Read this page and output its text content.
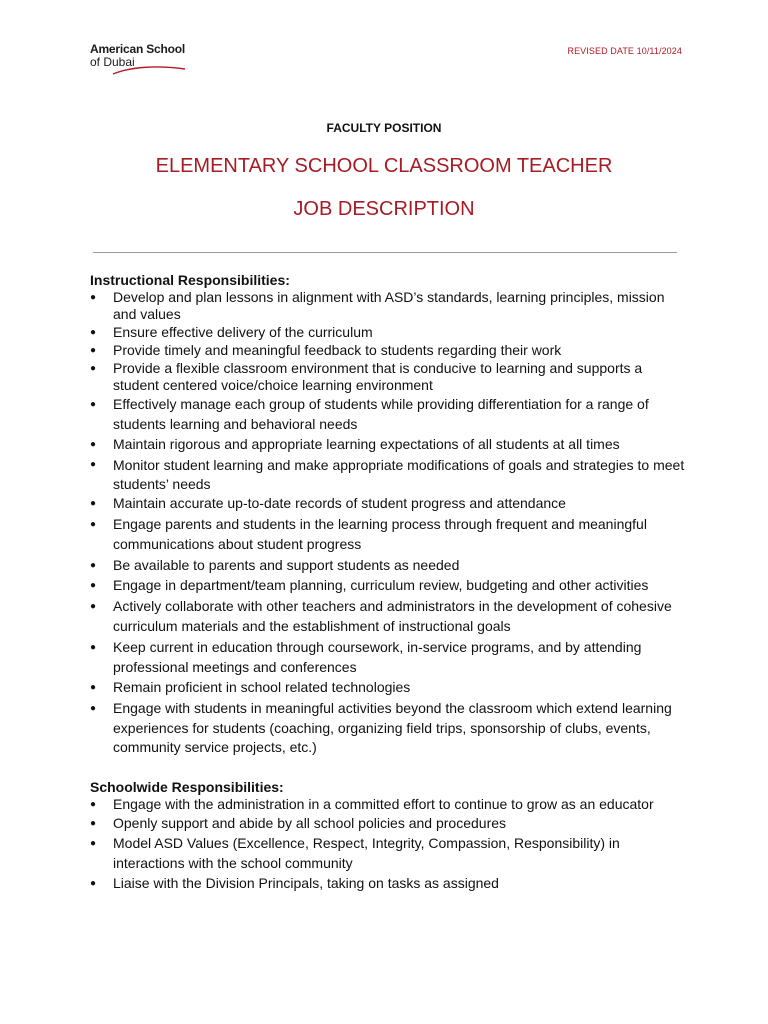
American School
of Dubai
REVISED DATE 10/11/2024
FACULTY POSITION
ELEMENTARY SCHOOL CLASSROOM TEACHER
JOB DESCRIPTION
Instructional Responsibilities:
● Develop and plan lessons in alignment with ASD’s standards, learning principles, mission and values
● Ensure effective delivery of the curriculum
● Provide timely and meaningful feedback to students regarding their work
● Provide a flexible classroom environment that is conducive to learning and supports a student centered voice/choice learning environment
● Effectively manage each group of students while providing differentiation for a range of students learning and behavioral needs
● Maintain rigorous and appropriate learning expectations of all students at all times
● Monitor student learning and make appropriate modifications of goals and strategies to meet students’ needs
● Maintain accurate up-to-date records of student progress and attendance
● Engage parents and students in the learning process through frequent and meaningful communications about student progress
● Be available to parents and support students as needed
● Engage in department/team planning, curriculum review, budgeting and other activities
● Actively collaborate with other teachers and administrators in the development of cohesive curriculum materials and the establishment of instructional goals
● Keep current in education through coursework, in-service programs, and by attending professional meetings and conferences
● Remain proficient in school related technologies
● Engage with students in meaningful activities beyond the classroom which extend learning experiences for students (coaching, organizing field trips, sponsorship of clubs, events, community service projects, etc.)
Schoolwide Responsibilities:
● Engage with the administration in a committed effort to continue to grow as an educator
● Openly support and abide by all school policies and procedures
● Model ASD Values (Excellence, Respect, Integrity, Compassion, Responsibility) in interactions with the school community
● Liaise with the Division Principals, taking on tasks as assigned
